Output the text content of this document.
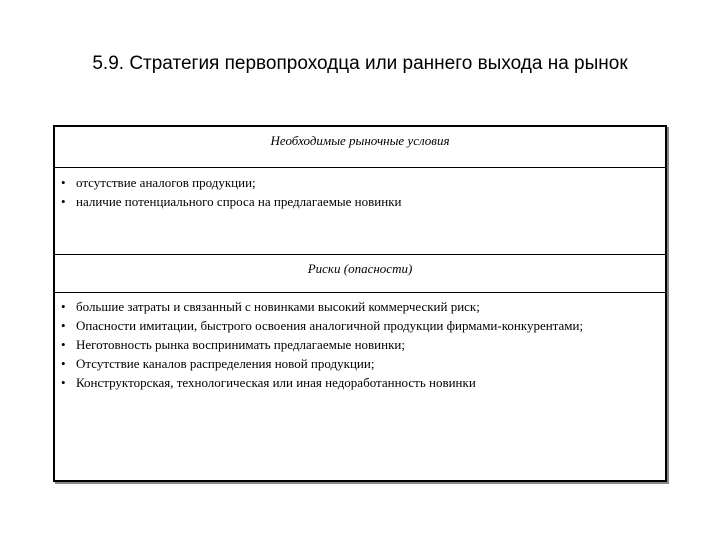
5.9. Стратегия первопроходца или раннего выхода на рынок
Необходимые рыночные условия
• отсутствие аналогов продукции;
• наличие потенциального спроса на предлагаемые новинки
Риски (опасности)
• большие затраты и связанный с новинками высокий коммерческий риск;
• Опасности имитации, быстрого освоения аналогичной продукции фирмами-конкурентами;
• Неготовность рынка воспринимать предлагаемые новинки;
• Отсутствие каналов распределения новой продукции;
• Конструкторская, технологическая или иная недоработанность новинки
